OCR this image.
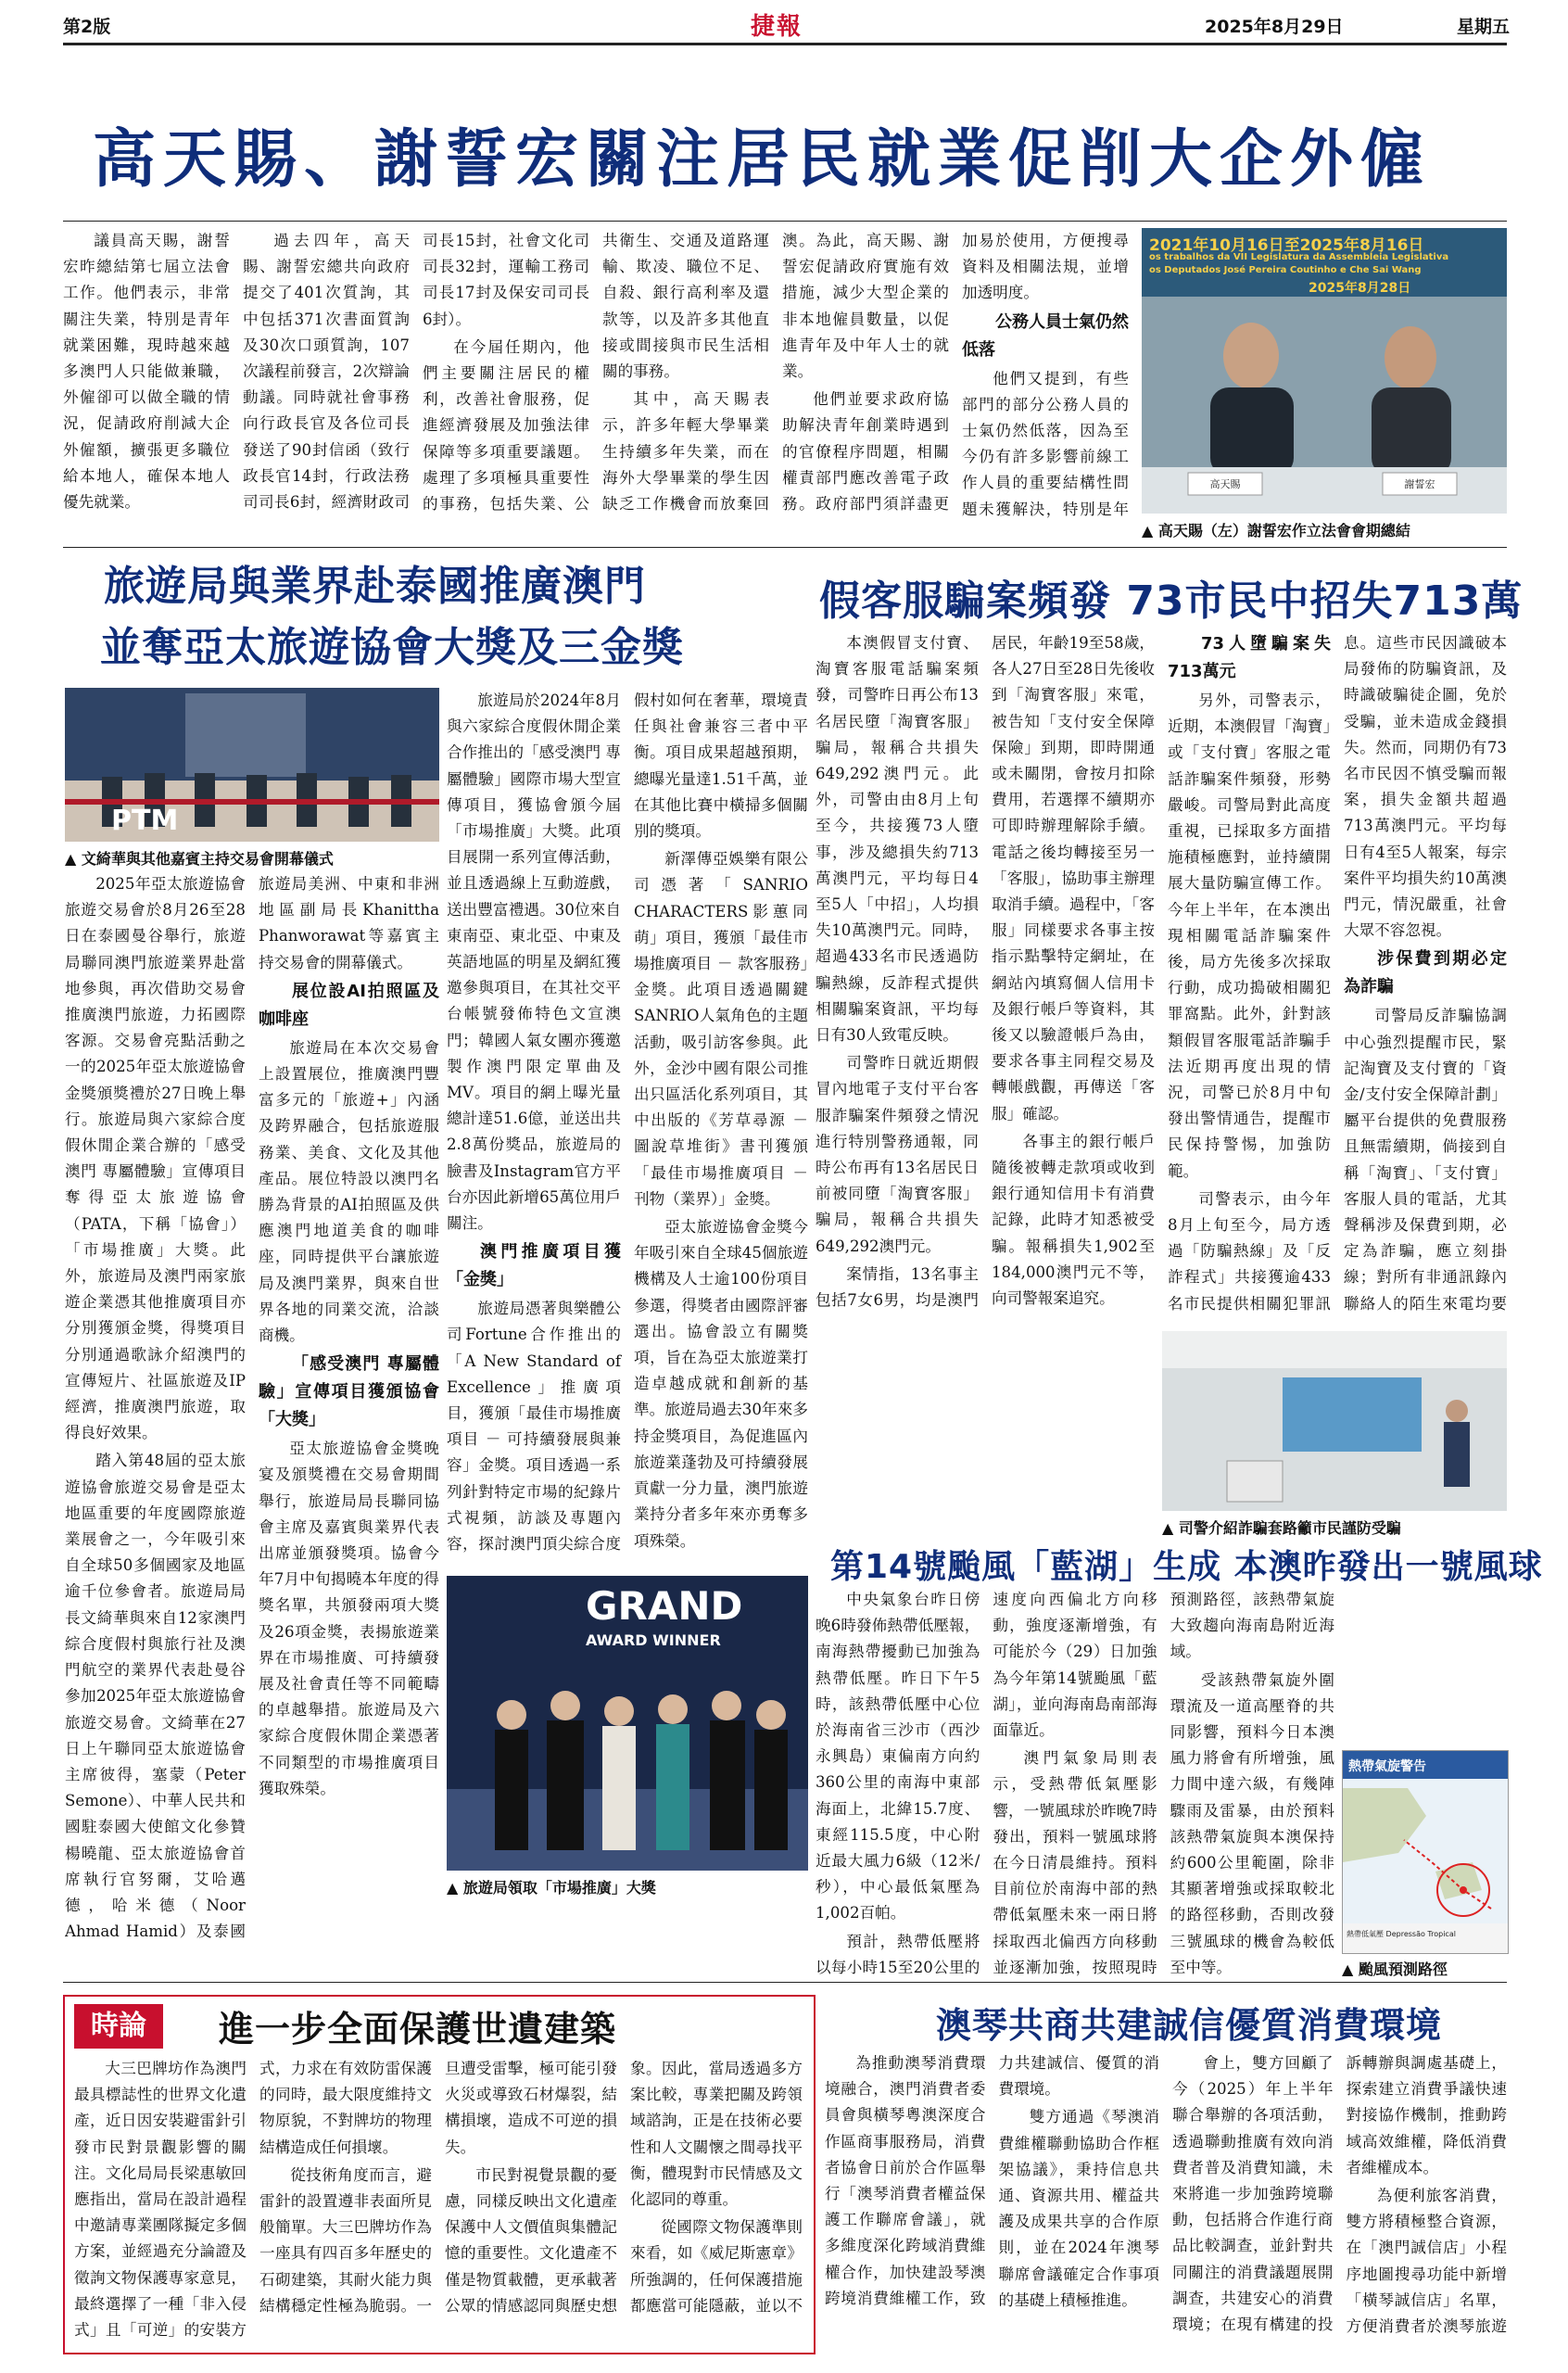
第2版	捷報	2025年8月29日	星期五
高天賜、謝誓宏關注居民就業促削大企外僱

議員高天賜，謝誓宏昨總結第七屆立法會工作。他們表示，非常關注失業，特別是青年就業困難，現時越來越多澳門人只能做兼職，外僱卻可以做全職的情況，促請政府削減大企外僱額，擴張更多職位給本地人，確保本地人優先就業。

過去四年，高天賜、謝誓宏總共向政府提交了401次質詢，其中包括371次書面質詢及30次口頭質詢，107次議程前發言，2次辯論動議。同時就社會事務向行政長官及各位司長發送了90封信函（致行政長官14封，行政法務司司長6封，經濟財政司司長15封，社會文化司司長32封，運輸工務司司長17封及保安司司長6封）。

在今屆任期內，他們主要關注居民的權利，改善社會服務，促進經濟發展及加強法律保障等多項重要議題。處理了多項極具重要性的事務，包括失業、公共衛生、交通及道路運輸、欺凌、職位不足、自殺、銀行高利率及還款等，以及許多其他直接或間接與市民生活相關的事務。

其中，高天賜表示，許多年輕大學畢業生持續多年失業，而在海外大學畢業的學生因缺乏工作機會而放棄回澳。為此，高天賜、謝誓宏促請政府實施有效措施，減少大型企業的非本地僱員數量，以促進青年及中年人士的就業。

他們並要求政府協助解決青年創業時遇到的官僚程序問題，相關權責部門應改善電子政務。政府部門須詳盡更加易於使用，方便搜尋資料及相關法規，並增加透明度。

公務人員士氣仍然低落

他們又提到，有些部門的部分公務人員的士氣仍然低落，因為至今仍有許多影響前線工作人員的重要結構性問題未獲解決，特別是年

2021年10月16日至2025年8月16日
os trabalhos da VII Legislatura da Assembleia Legislativa
os Deputados José Pereira Coutinho e Che Sai Wang
2025年8月28日
高天賜	謝誓宏
▲ 高天賜（左）謝誓宏作立法會會期總結
旅遊局與業界赴泰國推廣澳門
並奪亞太旅遊協會大獎及三金獎
PTM
▲ 文綺華與其他嘉賓主持交易會開幕儀式

2025年亞太旅遊協會旅遊交易會於8月26至28日在泰國曼谷舉行，旅遊局聯同澳門旅遊業界赴當地參與，再次借助交易會推廣澳門旅遊，力拓國際客源。交易會亮點活動之一的2025年亞太旅遊協會金獎頒獎禮於27日晚上舉行。旅遊局與六家綜合度假休閒企業合辦的「感受澳門 專屬體驗」宣傳項目奪得亞太旅遊協會（PATA，下稱「協會」）「市場推廣」大獎。此外，旅遊局及澳門兩家旅遊企業憑其他推廣項目亦分別獲頒金獎，得獎項目分別通過歌詠介紹澳門的宣傳短片、社區旅遊及IP經濟，推廣澳門旅遊，取得良好效果。

踏入第48屆的亞太旅遊協會旅遊交易會是亞太地區重要的年度國際旅遊業展會之一，今年吸引來自全球50多個國家及地區逾千位參會者。旅遊局局長文綺華與來自12家澳門綜合度假村與旅行社及澳門航空的業界代表赴曼谷參加2025年亞太旅遊協會旅遊交易會。文綺華在27日上午聯同亞太旅遊協會主席彼得，塞蒙（Peter Semone）、中華人民共和國駐泰國大使館文化參贊楊曉龍、亞太旅遊協會首席執行官努爾，艾哈邁德，哈米德（Noor Ahmad Hamid）及泰國旅遊局美洲、中東和非洲地區副局長Khanittha Phanworawat等嘉賓主持交易會的開幕儀式。

展位設AI拍照區及咖啡座

旅遊局在本次交易會上設置展位，推廣澳門豐富多元的「旅遊+」內涵及跨界融合，包括旅遊服務業、美食、文化及其他產品。展位特設以澳門名勝為背景的AI拍照區及供應澳門地道美食的咖啡座，同時提供平台讓旅遊局及澳門業界，與來自世界各地的同業交流，洽談商機。

「感受澳門 專屬體驗」宣傳項目獲頒協會「大獎」

亞太旅遊協會金獎晚宴及頒獎禮在交易會期間舉行，旅遊局局長聯同協會主席及嘉賓與業界代表出席並頒發獎項。協會今年7月中旬揭曉本年度的得獎名單，共頒發兩項大獎及26項金獎，表揚旅遊業界在市場推廣、可持續發展及社會責任等不同範疇的卓越舉措。旅遊局及六家綜合度假休閒企業憑著不同類型的市場推廣項目獲取殊榮。

旅遊局於2024年8月與六家綜合度假休閒企業合作推出的「感受澳門 專屬體驗」國際市場大型宣傳項目，獲協會頒今屆「市場推廣」大獎。此項目展開一系列宣傳活動，並且透過線上互動遊戲，送出豐富禮遇。30位來自東南亞、東北亞、中東及英語地區的明星及網紅獲邀參與項目，在其社交平台帳號發佈特色文宣澳門；韓國人氣女團亦獲邀製作澳門限定單曲及MV。項目的網上曝光量總計達51.6億，並送出共2.8萬份獎品，旅遊局的臉書及Instagram官方平台亦因此新增65萬位用戶關注。

澳門推廣項目獲「金獎」

旅遊局憑著與樂體公司Fortune合作推出的「A New Standard of Excellence」推廣項目，獲頒「最佳市場推廣項目 － 可持續發展與兼容」金獎。項目透過一系列針對特定市場的紀錄片式視頻，訪談及專題內容，探討澳門頂尖綜合度假村如何在奢華，環境責任與社會兼容三者中平衡。項目成果超越預期，總曝光量達1.51千萬，並在其他比賽中橫掃多個關別的獎項。

新澤傳亞娛樂有限公司憑著「SANRIO CHARACTERS影蕙同萌」項目，獲頒「最佳市場推廣項目 － 款客服務」金獎。此項目透過關鍵SANRIO人氣角色的主題活動，吸引訪客參與。此外，金沙中國有限公司推出只區活化系列項目，其中出版的《芳草尋源 － 圖說草堆街》書刊獲頒「最佳市場推廣項目 － 刊物（業界）」金獎。

亞太旅遊協會金獎今年吸引來自全球45個旅遊機構及人士逾100份項目參選，得獎者由國際評審選出。協會設立有關獎項，旨在為亞太旅遊業打造卓越成就和創新的基準。旅遊局過去30年來多持金獎項目，為促進區內旅遊業蓬勃及可持續發展貢獻一分力量，澳門旅遊業持分者多年來亦勇奪多項殊榮。

GRAND
AWARD WINNER
▲ 旅遊局領取「市場推廣」大獎
假客服騙案頻發 73市民中招失713萬

本澳假冒支付寶、淘寶客服電話騙案頻發，司警昨日再公布13名居民墮「淘寶客服」騙局，報稱合共損失649,292澳門元。此外，司警由由8月上旬至今，共接獲73人墮事，涉及總損失約713萬澳門元，平均每日4至5人「中招」，人均損失10萬澳門元。同時，超過433名市民透過防騙熱線，反詐程式提供相關騙案資訊，平均每日有30人致電反映。

司警昨日就近期假冒內地電子支付平台客服詐騙案件頻發之情況進行特別警務通報，同時公布再有13名居民日前被同墮「淘寶客服」騙局，報稱合共損失649,292澳門元。

案情指，13名事主包括7女6男，均是澳門居民，年齡19至58歲，各人27日至28日先後收到「淘寶客服」來電，被告知「支付安全保障保險」到期，即時開通或未關閉，會按月扣除費用，若選擇不續期亦可即時辦理解除手續。電話之後均轉接至另一「客服」，協助事主辦理取消手續。過程中，「客服」同樣要求各事主按指示點擊特定網址，在網站內填寫個人信用卡及銀行帳戶等資料，其後又以驗證帳戶為由，要求各事主同程交易及轉帳戲觀，再傳送「客服」確認。

各事主的銀行帳戶隨後被轉走款項或收到銀行通知信用卡有消費記錄，此時才知悉被受騙。報稱損失1,902至184,000澳門元不等，向司警報案追究。

73人墮騙案失713萬元

另外，司警表示，近期，本澳假冒「淘寶」或「支付寶」客服之電話詐騙案件頻發，形勢嚴峻。司警局對此高度重視，已採取多方面措施積極應對，並持續開展大量防騙宣傳工作。今年上半年，在本澳出現相關電話詐騙案件後，局方先後多次採取行動，成功搗破相關犯罪窩點。此外，針對該類假冒客服電話詐騙手法近期再度出現的情況，司警已於8月中旬發出警情通告，提醒市民保持警惕，加強防範。

司警表示，由今年8月上旬至今，局方透過「防騙熱線」及「反詐程式」共接獲逾433名市民提供相關犯罪訊息。這些市民因識破本局發佈的防騙資訊，及時識破騙徒企圖，免於受騙，並未造成金錢損失。然而，同期仍有73名市民因不慎受騙而報案，損失金額共超過713萬澳門元。平均每日有4至5人報案，每宗案件平均損失約10萬澳門元，情況嚴重，社會大眾不容忽視。

涉保費到期必定為詐騙

司警局反詐騙協調中心強烈提醒市民，緊記淘寶及支付寶的「資金/支付安全保障計劃」屬平台提供的免費服務且無需續期，倘接到自稱「淘寶」、「支付寶」客服人員的電話，尤其聲稱涉及保費到期，必定為詐騙，應立刻掛線；對所有非通訊錄內聯絡人的陌生來電均要

▲ 司警介紹詐騙套路籲市民謹防受騙
第14號颱風「藍湖」生成 本澳昨發出一號風球

中央氣象台昨日傍晚6時發佈熱帶低壓報，南海熱帶擾動已加強為熱帶低壓。昨日下午5時，該熱帶低壓中心位於海南省三沙市（西沙永興島）東偏南方向約360公里的南海中東部海面上，北緯15.7度、東經115.5度，中心附近最大風力6級（12米/秒），中心最低氣壓為1,002百帕。

預計，熱帶低壓將以每小時15至20公里的速度向西偏北方向移動，強度逐漸增強，有可能於今（29）日加強為今年第14號颱風「藍湖」，並向海南島南部海面靠近。

澳門氣象局則表示，受熱帶低氣壓影響，一號風球於昨晚7時發出，預料一號風球將在今日清晨維持。預料目前位於南海中部的熱帶低氣壓未來一兩日將採取西北偏西方向移動並逐漸加強，按照現時預測路徑，該熱帶氣旋大致趨向海南島附近海域。

受該熱帶氣旋外圍環流及一道高壓脊的共同影響，預料今日本澳風力將會有所增強，風力間中達六級，有幾陣驟雨及雷暴，由於預料該熱帶氣旋與本澳保持約600公里範圍，除非其顯著增強或採取較北的路徑移動，否則改發三號風球的機會為較低至中等。

熱帶氣旋警告
熱帶低氣壓 Depressão Tropical
▲ 颱風預測路徑
時論	進一步全面保護世遺建築

大三巴牌坊作為澳門最具標誌性的世界文化遺產，近日因安裝避雷針引發市民對景觀影響的關注。文化局局長梁惠敏回應指出，當局在設計過程中邀請專業團隊擬定多個方案，並經過充分論證及徵詢文物保護專家意見，最終選擇了一種「非入侵式」且「可逆」的安裝方式，力求在有效防雷保護的同時，最大限度維持文物原貌，不對牌坊的物理結構造成任何損壞。

從技術角度而言，避雷針的設置遵非表面所見般簡單。大三巴牌坊作為一座具有四百多年歷史的石砌建築，其耐火能力與結構穩定性極為脆弱。一旦遭受雷擊，極可能引發火災或導致石材爆裂，結構損壞，造成不可逆的損失。

市民對視覺景觀的憂慮，同樣反映出文化遺產保護中人文價值與集體記憶的重要性。文化遺產不僅是物質載體，更承載著公眾的情感認同與歷史想象。因此，當局透過多方案比較，專業把關及跨領域諮詢，正是在技術必要性和人文關懷之間尋找平衡，體現對市民情感及文化認同的尊重。

從國際文物保護準則來看，如《威尼斯憲章》所強調的，任何保護措施都應當可能隱蔽，並以不

澳琴共商共建誠信優質消費環境

為推動澳琴消費環境融合，澳門消費者委員會與橫琴粵澳深度合作區商事服務局，消費者協會日前於合作區舉行「澳琴消費者權益保護工作聯席會議」，就多維度深化跨域消費維權合作，加快建設琴澳跨境消費維權工作，致力共建誠信、優質的消費環境。

雙方通過《琴澳消費維權聯動協助合作框架協議》，秉持信息共通、資源共用、權益共護及成果共享的合作原則，並在2024年澳琴聯席會議確定合作事項的基礎上積極推進。

會上，雙方回顧了今（2025）年上半年聯合舉辦的各項活動，透過聯動推廣有效向消費者普及消費知識，未來將進一步加強跨境聯動，包括將合作進行商品比較調查，並針對共同關注的消費議題展開調查，共建安心的消費環境；在現有構建的投訴轉辦與調處基礎上，探索建立消費爭議快速對接協作機制，推動跨域高效維權，降低消費者維權成本。

為便利旅客消費，雙方將積極整合資源，在「澳門誠信店」小程序地圖搜尋功能中新增「橫琴誠信店」名單，方便消費者於澳琴旅遊
